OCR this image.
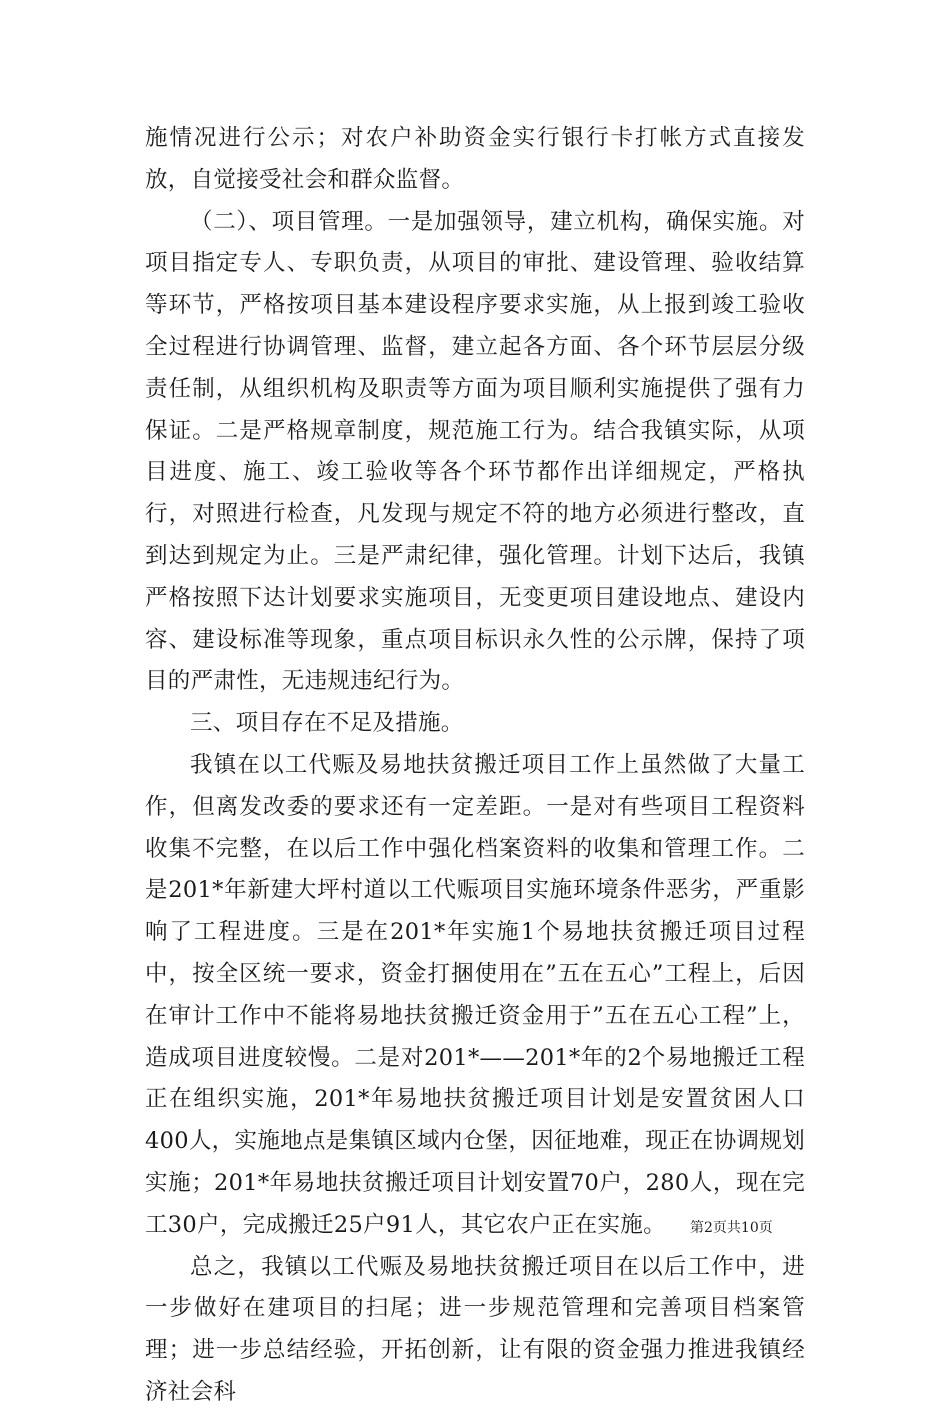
施情况进行公示；对农户补助资金实行银行卡打帐方式直接发放，自觉接受社会和群众监督。

（二）、项目管理。一是加强领导，建立机构，确保实施。对项目指定专人、专职负责，从项目的审批、建设管理、验收结算等环节，严格按项目基本建设程序要求实施，从上报到竣工验收全过程进行协调管理、监督，建立起各方面、各个环节层层分级责任制，从组织机构及职责等方面为项目顺利实施提供了强有力保证。二是严格规章制度，规范施工行为。结合我镇实际，从项目进度、施工、竣工验收等各个环节都作出详细规定，严格执行，对照进行检查，凡发现与规定不符的地方必须进行整改，直到达到规定为止。三是严肃纪律，强化管理。计划下达后，我镇严格按照下达计划要求实施项目，无变更项目建设地点、建设内容、建设标准等现象，重点项目标识永久性的公示牌，保持了项目的严肃性，无违规违纪行为。

三、项目存在不足及措施。

我镇在以工代赈及易地扶贫搬迁项目工作上虽然做了大量工作，但离发改委的要求还有一定差距。一是对有些项目工程资料收集不完整，在以后工作中强化档案资料的收集和管理工作。二是201*年新建大坪村道以工代赈项目实施环境条件恶劣，严重影响了工程进度。三是在201*年实施1个易地扶贫搬迁项目过程中，按全区统一要求，资金打捆使用在”五在五心”工程上，后因在审计工作中不能将易地扶贫搬迁资金用于”五在五心工程”上，造成项目进度较慢。二是对201*——201*年的2个易地搬迁工程正在组织实施，201*年易地扶贫搬迁项目计划是安置贫困人口400人，实施地点是集镇区域内仓堡，因征地难，现正在协调规划实施；201*年易地扶贫搬迁项目计划安置70户，280人，现在完工30户，完成搬迁25户91人，其它农户正在实施。

总之，我镇以工代赈及易地扶贫搬迁项目在以后工作中，进一步做好在建项目的扫尾；进一步规范管理和完善项目档案管理；进一步总结经验，开拓创新，让有限的资金强力推进我镇经济社会科

第2页共10页
